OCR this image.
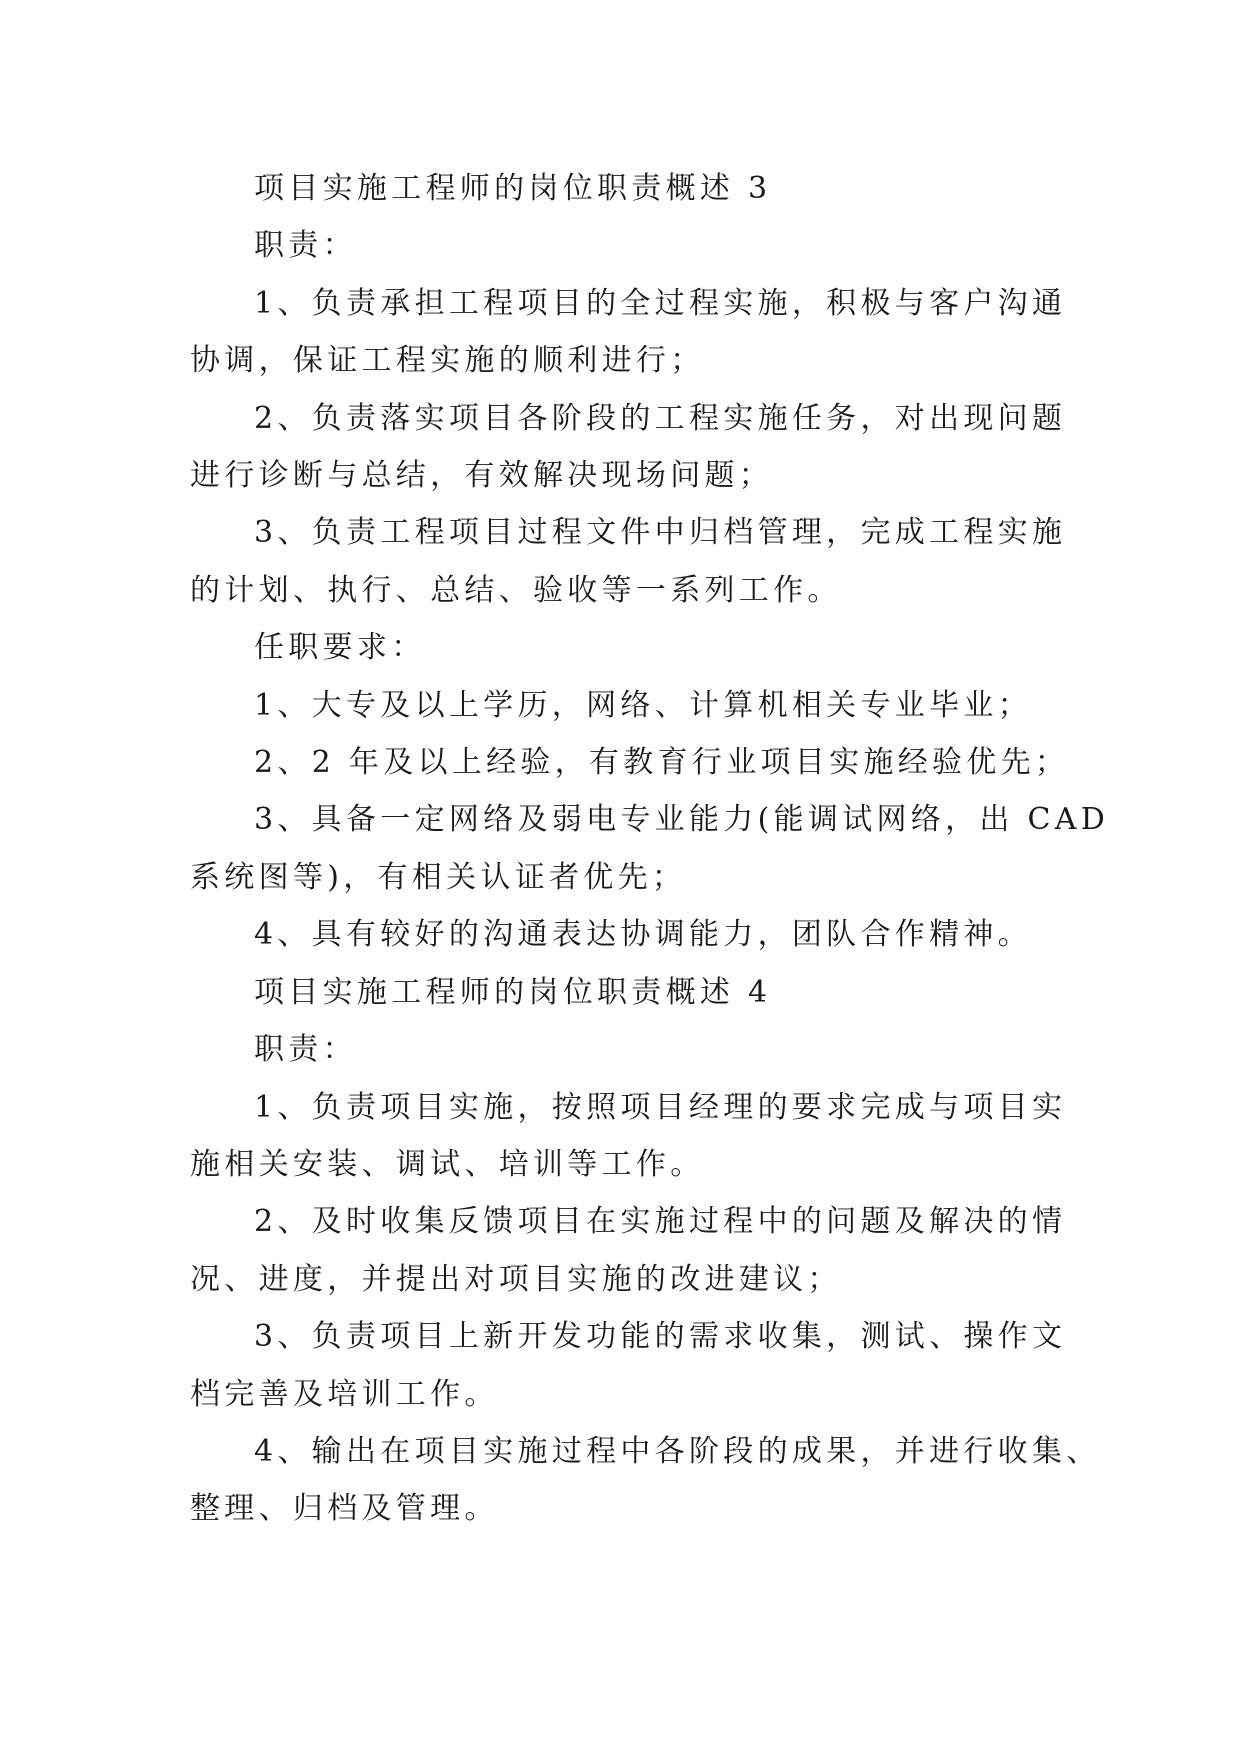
项目实施工程师的岗位职责概述 3

职责：

1、负责承担工程项目的全过程实施，积极与客户沟通

协调，保证工程实施的顺利进行；

2、负责落实项目各阶段的工程实施任务，对出现问题

进行诊断与总结，有效解决现场问题；

3、负责工程项目过程文件中归档管理，完成工程实施

的计划、执行、总结、验收等一系列工作。

任职要求：

1、大专及以上学历，网络、计算机相关专业毕业；

2、2 年及以上经验，有教育行业项目实施经验优先；

3、具备一定网络及弱电专业能力(能调试网络，出 CAD

系统图等)，有相关认证者优先；

4、具有较好的沟通表达协调能力，团队合作精神。

项目实施工程师的岗位职责概述 4

职责：

1、负责项目实施，按照项目经理的要求完成与项目实

施相关安装、调试、培训等工作。

2、及时收集反馈项目在实施过程中的问题及解决的情

况、进度，并提出对项目实施的改进建议；

3、负责项目上新开发功能的需求收集，测试、操作文

档完善及培训工作。

4、输出在项目实施过程中各阶段的成果，并进行收集、

整理、归档及管理。
